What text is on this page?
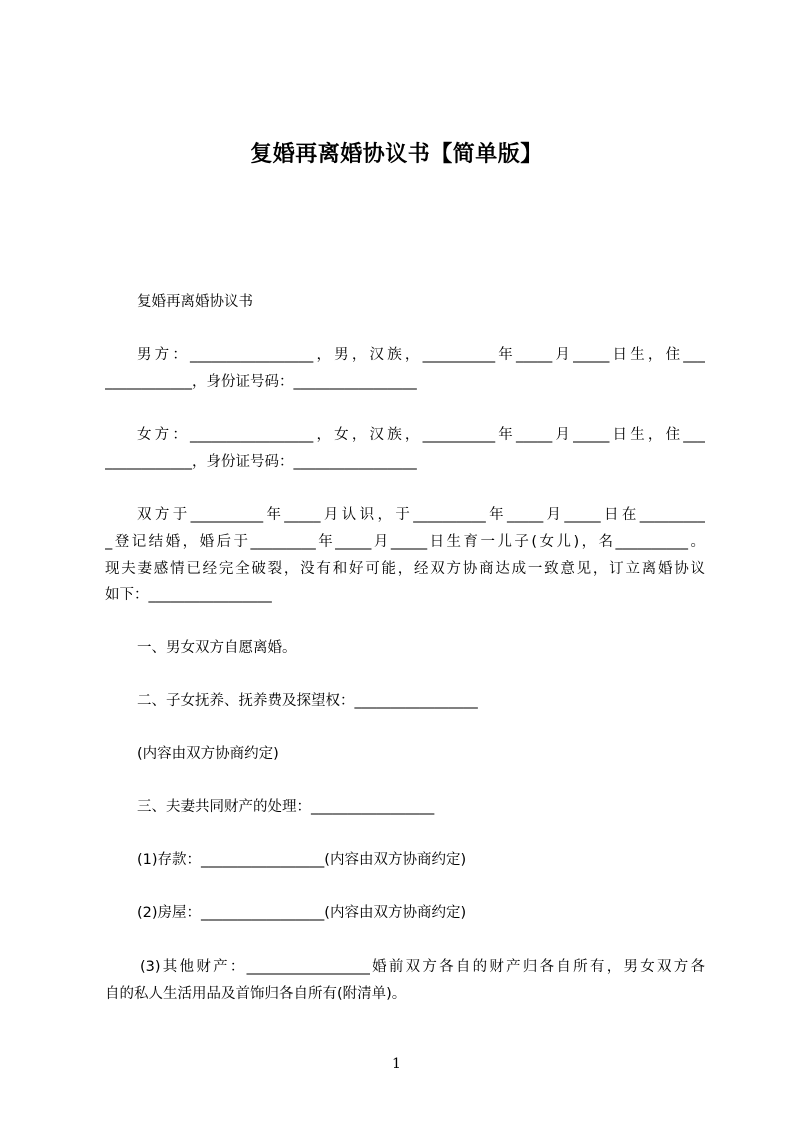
复婚再离婚协议书【简单版】
复婚再离婚协议书
男方：_________________，男，汉族，__________年_____月_____日生，住___
____________，身份证号码：_________________
女方：_________________，女，汉族，__________年_____月_____日生，住___
____________，身份证号码：_________________
双方于__________年_____月认识，于__________年_____月_____日在_________
_登记结婚，婚后于_________年_____月_____日生育一儿子(女儿)，名__________。
现夫妻感情已经完全破裂，没有和好可能，经双方协商达成一致意见，订立离婚协议
如下：_________________
一、男女双方自愿离婚。
二、子女抚养、抚养费及探望权：_________________
(内容由双方协商约定)
三、夫妻共同财产的处理：_________________
(1)存款：_________________(内容由双方协商约定)
(2)房屋：_________________(内容由双方协商约定)
(3)其他财产：_________________婚前双方各自的财产归各自所有，男女双方各
自的私人生活用品及首饰归各自所有(附清单)。
1
